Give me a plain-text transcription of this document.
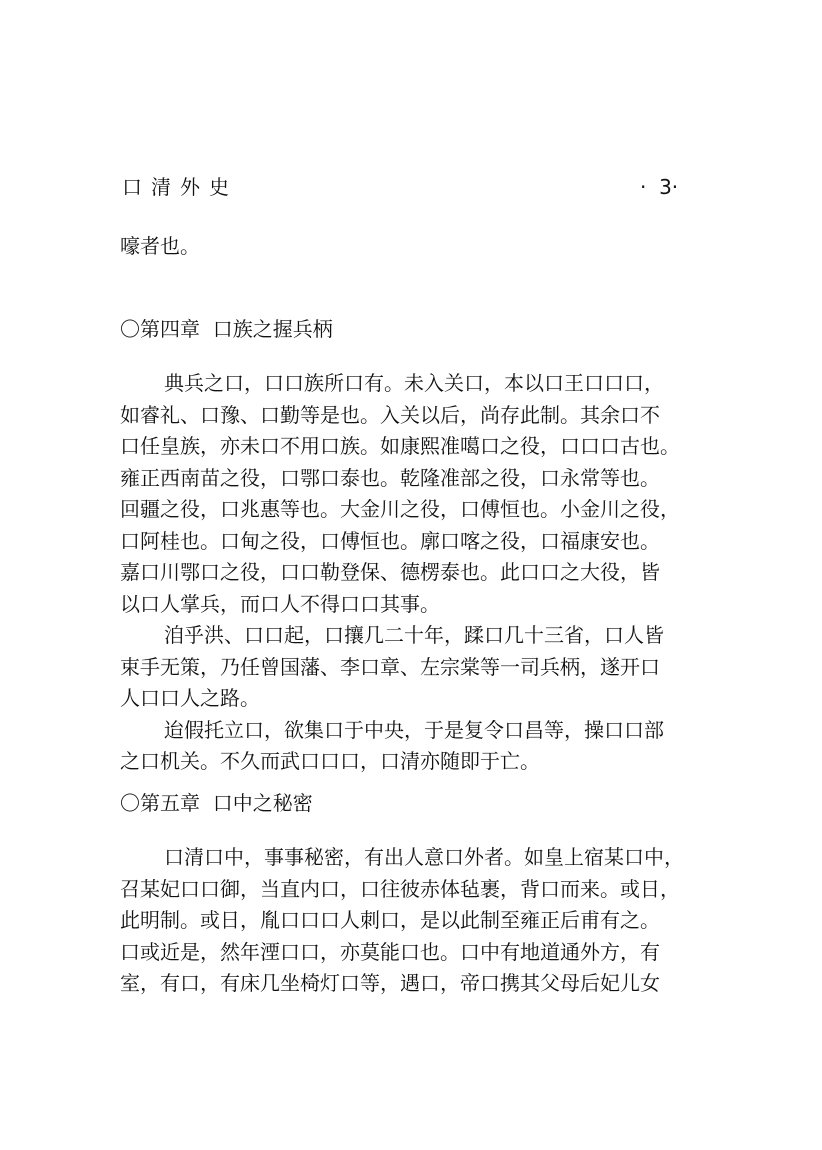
口清外史	·  3·
嚎者也。
〇第四章  口族之握兵柄
典兵之口，口口族所口有。未入关口，本以口王口口口，
如睿礼、口豫、口勤等是也。入关以后，尚存此制。其余口不
口任皇族，亦未口不用口族。如康熙准噶口之役，口口口古也。
雍正西南苗之役，口鄂口泰也。乾隆准部之役，口永常等也。
回疆之役，口兆惠等也。大金川之役，口傅恒也。小金川之役，
口阿桂也。口甸之役，口傅恒也。廓口喀之役，口福康安也。
嘉口川鄂口之役，口口勒登保、德楞泰也。此口口之大役，皆
以口人掌兵，而口人不得口口其事。
洎乎洪、口口起，口攘几二十年，蹂口几十三省，口人皆
束手无策，乃任曾国藩、李口章、左宗棠等一司兵柄，遂开口
人口口人之路。
迨假托立口，欲集口于中央，于是复令口昌等，操口口部
之口机关。不久而武口口口，口清亦随即于亡。
〇第五章  口中之秘密
口清口中，事事秘密，有出人意口外者。如皇上宿某口中，
召某妃口口御，当直内口，口往彼赤体毡裹，背口而来。或日，
此明制。或日，胤口口口人刺口，是以此制至雍正后甫有之。
口或近是，然年湮口口，亦莫能口也。口中有地道通外方，有
室，有口，有床几坐椅灯口等，遇口，帝口携其父母后妃儿女
